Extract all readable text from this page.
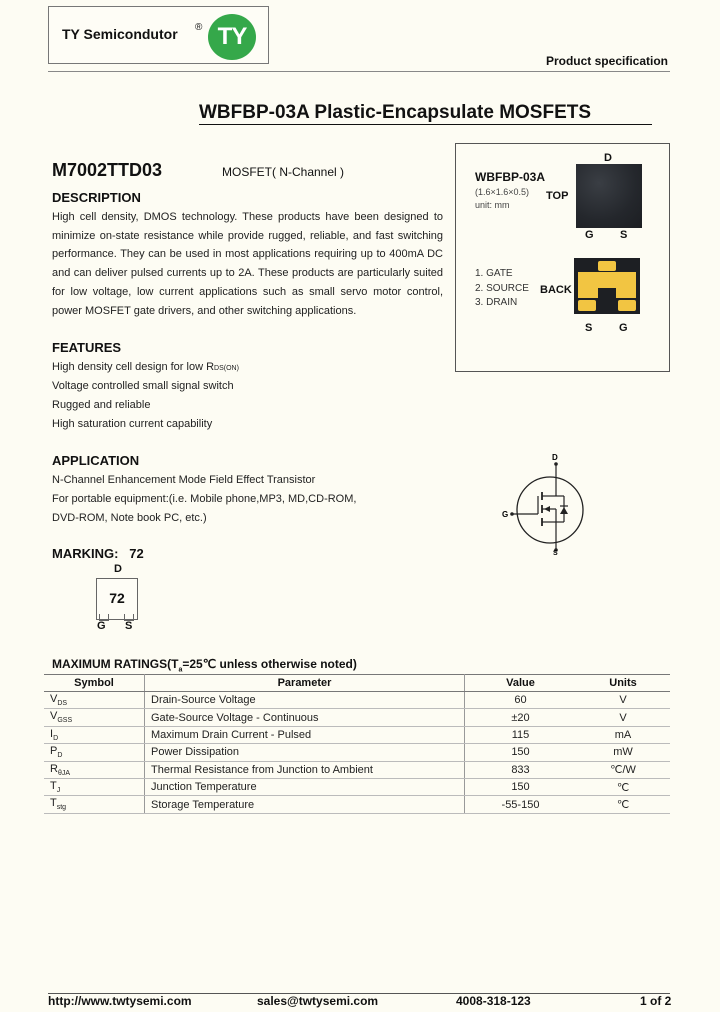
TY Semicondutor ® TY
Product specification
WBFBP-03A Plastic-Encapsulate MOSFETS
M7002TTD03	MOSFET( N-Channel )
DESCRIPTION
High cell density, DMOS technology. These products have been designed to minimize on-state resistance while provide rugged, reliable, and fast switching performance. They can be used in most applications requiring up to 400mA DC and can deliver pulsed currents up to 2A. These products are particularly suited for low voltage, low current applications such as small servo motor control, power MOSFET gate drivers, and other switching applications.
FEATURES
High density cell design for low RDS(ON)
Voltage controlled small signal switch
Rugged and reliable
High saturation current capability
APPLICATION
N-Channel Enhancement Mode Field Effect Transistor
For portable equipment:(i.e. Mobile phone,MP3, MD,CD-ROM,
DVD-ROM, Note book PC, etc.)
WBFBP-03A
(1.6×1.6×0.5)
unit: mm
TOP
D
G S
1. GATE
2. SOURCE
3. DRAIN
BACK
S G
D
G
S
MARKING: 72
D
72
G S
MAXIMUM $RATINGS(T_a=25℃$ unless otherwise noted)
Symbol	Parameter	Value	Units
$V_{DS}$	Drain-Source Voltage	60	V
$V_{GSS}$	Gate-Source Voltage - Continuous	±20	V
$I_D$	Maximum Drain Current - Pulsed	115	mA
$P_D$	Power Dissipation	150	mW
$R_{\theta JA}$	Thermal Resistance from Junction to Ambient	833	℃/W
$T_J$	Junction Temperature	150	℃
$T_{stg}$	Storage Temperature	-55-150	℃
http://www.twtysemi.com	sales@twtysemi.com	4008-318-123	1 of 2
